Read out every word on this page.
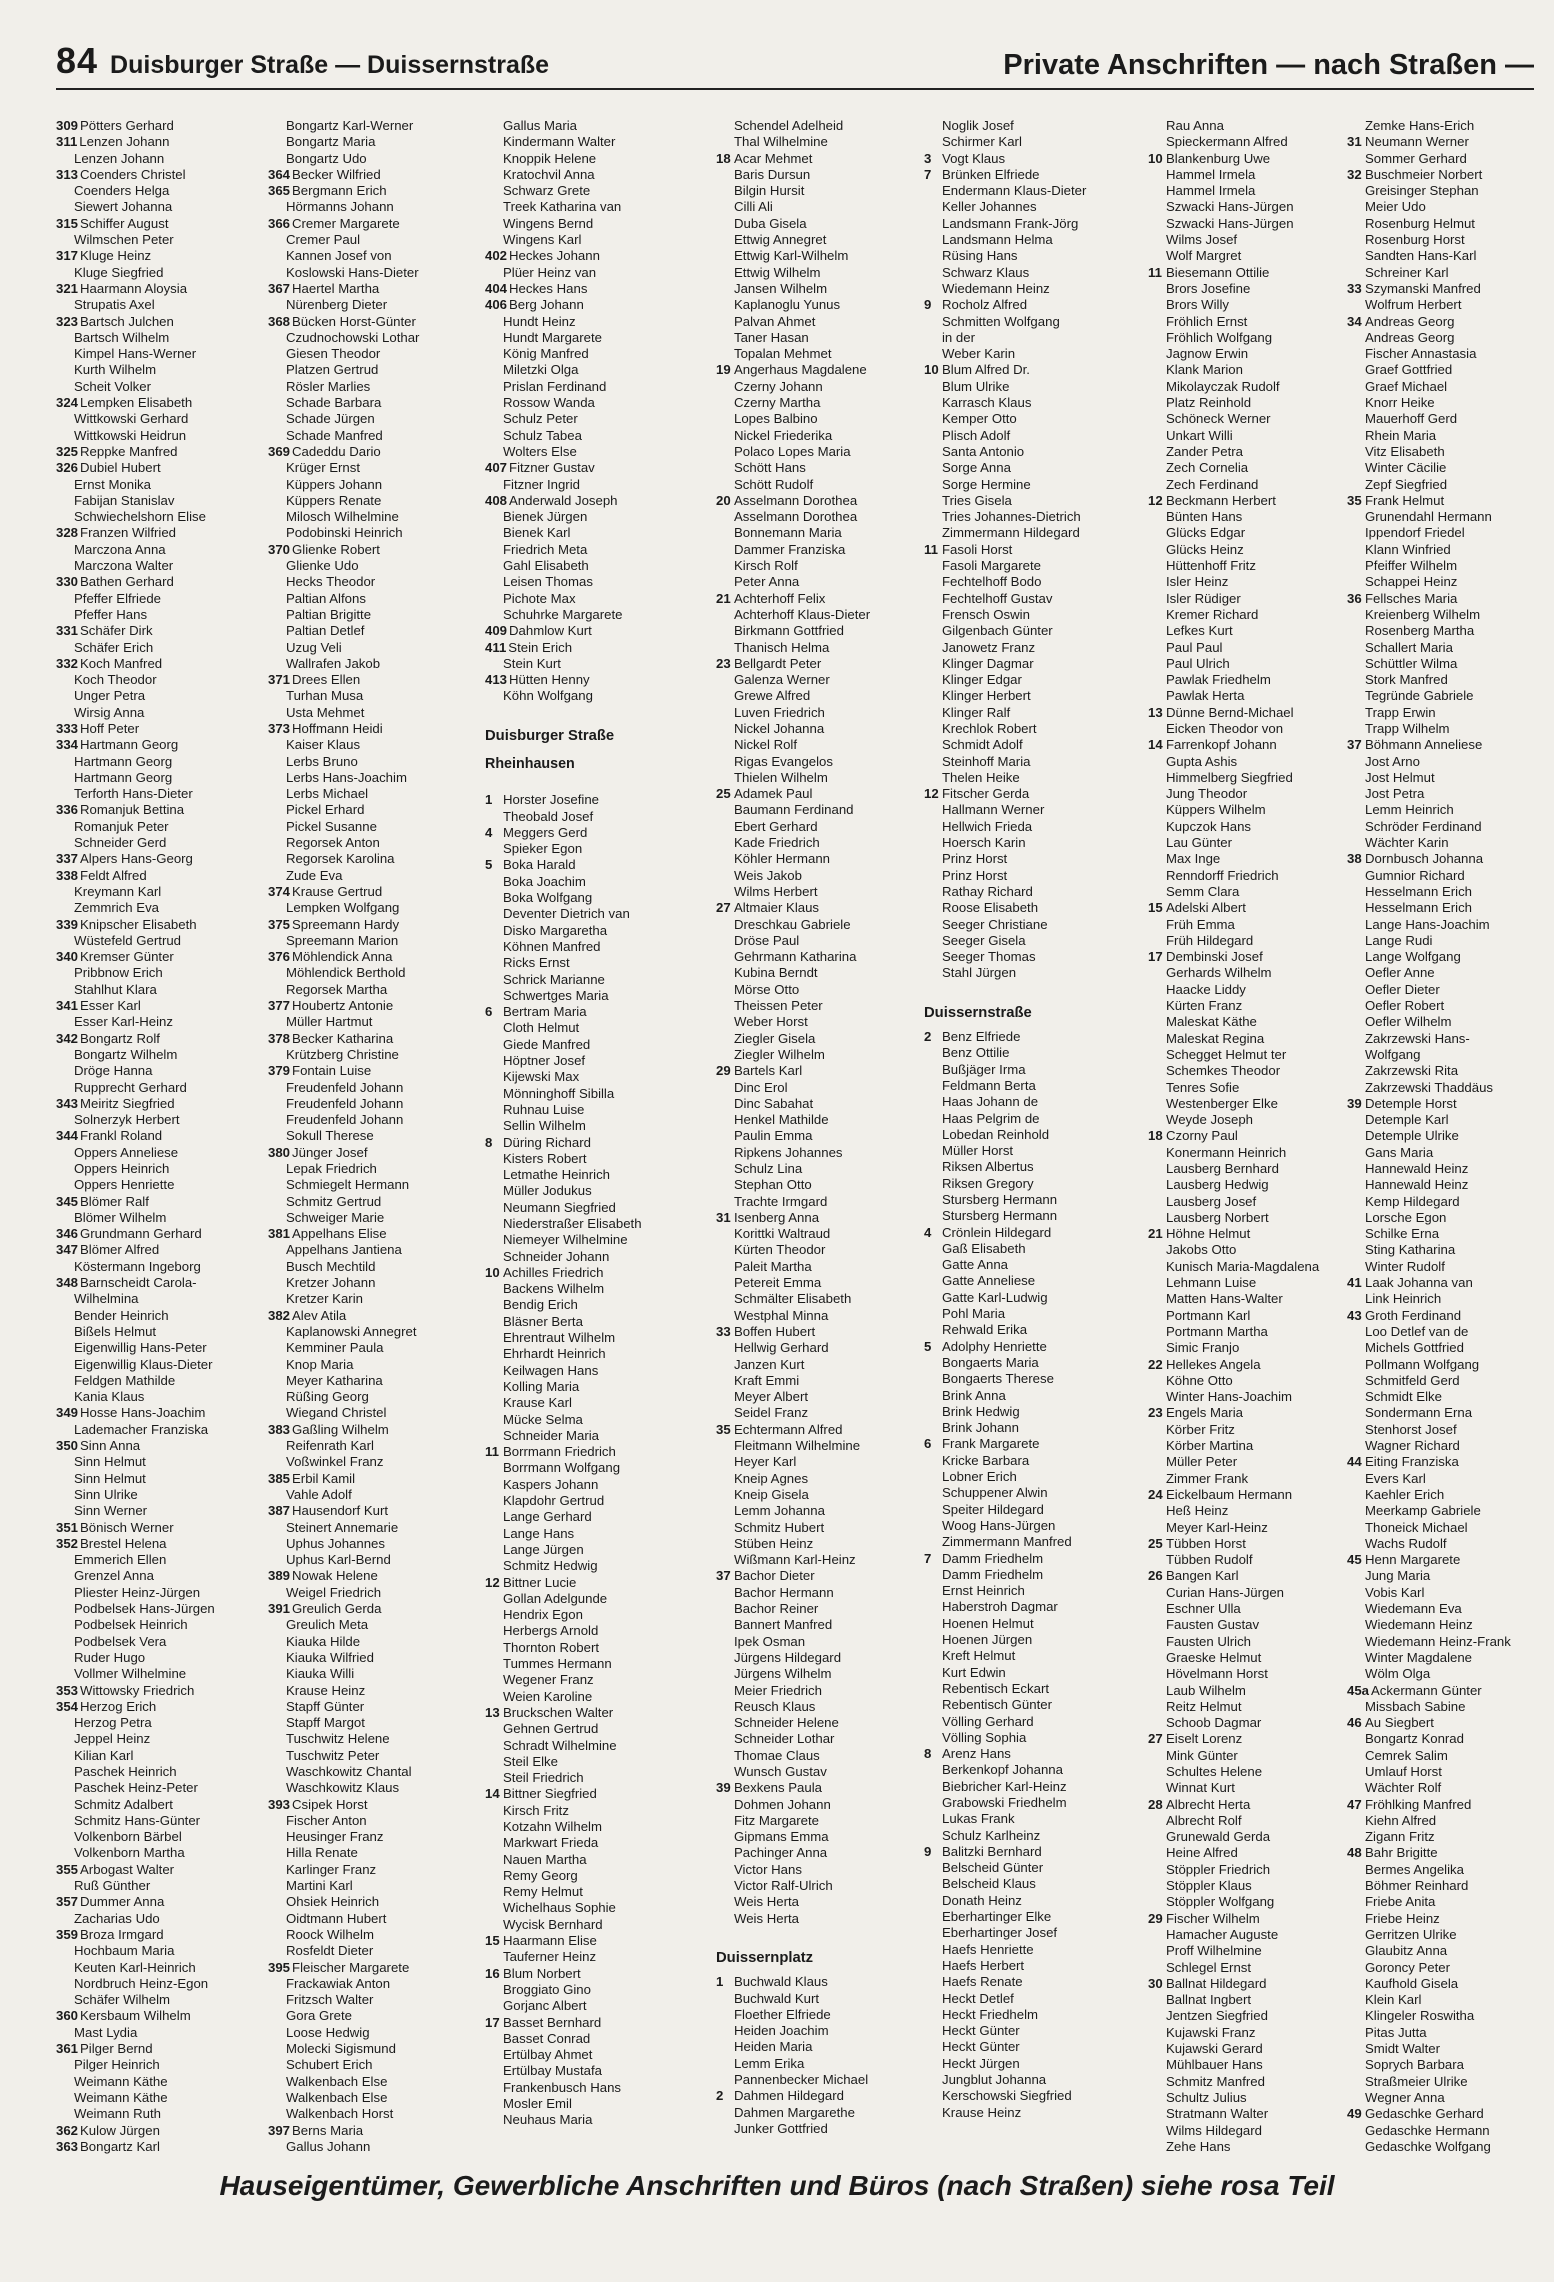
84 Duisburger Straße — Duissernstraße	Private Anschriften — nach Straßen —
309 Pötters Gerhard
311 Lenzen Johann
Lenzen Johann
313 Coenders Christel
Coenders Helga
Siewert Johanna
315 Schiffer August
Wilmschen Peter
317 Kluge Heinz
Kluge Siegfried
321 Haarmann Aloysia
Strupatis Axel
323 Bartsch Julchen
Bartsch Wilhelm
Kimpel Hans-Werner
Kurth Wilhelm
Scheit Volker
324 Lempken Elisabeth
Wittkowski Gerhard
Wittkowski Heidrun
325 Reppke Manfred
326 Dubiel Hubert
Ernst Monika
Fabijan Stanislav
Schwiechelshorn Elise
328 Franzen Wilfried
Marczona Anna
Marczona Walter
330 Bathen Gerhard
Pfeffer Elfriede
Pfeffer Hans
331 Schäfer Dirk
Schäfer Erich
332 Koch Manfred
Koch Theodor
Unger Petra
Wirsig Anna
333 Hoff Peter
334 Hartmann Georg
Hartmann Georg
Hartmann Georg
Terforth Hans-Dieter
336 Romanjuk Bettina
Romanjuk Peter
Schneider Gerd
337 Alpers Hans-Georg
338 Feldt Alfred
Kreymann Karl
Zemmrich Eva
339 Knipscher Elisabeth
Wüstefeld Gertrud
340 Kremser Günter
Pribbnow Erich
Stahlhut Klara
341 Esser Karl
Esser Karl-Heinz
342 Bongartz Rolf
Bongartz Wilhelm
Dröge Hanna
Rupprecht Gerhard
343 Meiritz Siegfried
Solnerzyk Herbert
344 Frankl Roland
Oppers Anneliese
Oppers Heinrich
Oppers Henriette
345 Blömer Ralf
Blömer Wilhelm
346 Grundmann Gerhard
347 Blömer Alfred
Köstermann Ingeborg
348 Barnscheidt Carola-
Wilhelmina
Bender Heinrich
Bißels Helmut
Eigenwillig Hans-Peter
Eigenwillig Klaus-Dieter
Feldgen Mathilde
Kania Klaus
349 Hosse Hans-Joachim
Lademacher Franziska
350 Sinn Anna
Sinn Helmut
Sinn Helmut
Sinn Ulrike
Sinn Werner
351 Bönisch Werner
352 Brestel Helena
Emmerich Ellen
Grenzel Anna
Pliester Heinz-Jürgen
Podbelsek Hans-Jürgen
Podbelsek Heinrich
Podbelsek Vera
Ruder Hugo
Vollmer Wilhelmine
353 Wittowsky Friedrich
354 Herzog Erich
Herzog Petra
Jeppel Heinz
Kilian Karl
Paschek Heinrich
Paschek Heinz-Peter
Schmitz Adalbert
Schmitz Hans-Günter
Volkenborn Bärbel
Volkenborn Martha
355 Arbogast Walter
Ruß Günther
357 Dummer Anna
Zacharias Udo
359 Broza Irmgard
Hochbaum Maria
Keuten Karl-Heinrich
Nordbruch Heinz-Egon
Schäfer Wilhelm
360 Kersbaum Wilhelm
Mast Lydia
361 Pilger Bernd
Pilger Heinrich
Weimann Käthe
Weimann Käthe
Weimann Ruth
362 Kulow Jürgen
363 Bongartz Karl
Bongartz Karl-Werner
Bongartz Maria
Bongartz Udo
364 Becker Wilfried
365 Bergmann Erich
Hörmanns Johann
366 Cremer Margarete
Cremer Paul
Kannen Josef von
Koslowski Hans-Dieter
367 Haertel Martha
Nürenberg Dieter
368 Bücken Horst-Günter
Czudnochowski Lothar
Giesen Theodor
Platzen Gertrud
Rösler Marlies
Schade Barbara
Schade Jürgen
Schade Manfred
369 Cadeddu Dario
Krüger Ernst
Küppers Johann
Küppers Renate
Milosch Wilhelmine
Podobinski Heinrich
370 Glienke Robert
Glienke Udo
Hecks Theodor
Paltian Alfons
Paltian Brigitte
Paltian Detlef
Uzug Veli
Wallrafen Jakob
371 Drees Ellen
Turhan Musa
Usta Mehmet
373 Hoffmann Heidi
Kaiser Klaus
Lerbs Bruno
Lerbs Hans-Joachim
Lerbs Michael
Pickel Erhard
Pickel Susanne
Regorsek Anton
Regorsek Karolina
Zude Eva
374 Krause Gertrud
Lempken Wolfgang
375 Spreemann Hardy
Spreemann Marion
376 Möhlendick Anna
Möhlendick Berthold
Regorsek Martha
377 Houbertz Antonie
Müller Hartmut
378 Becker Katharina
Krützberg Christine
379 Fontain Luise
Freudenfeld Johann
Freudenfeld Johann
Freudenfeld Johann
Sokull Therese
380 Jünger Josef
Lepak Friedrich
Schmiegelt Hermann
Schmitz Gertrud
Schweiger Marie
381 Appelhans Elise
Appelhans Jantiena
Busch Mechtild
Kretzer Johann
Kretzer Karin
382 Alev Atila
Kaplanowski Annegret
Kemminer Paula
Knop Maria
Meyer Katharina
Rüßing Georg
Wiegand Christel
383 Gaßling Wilhelm
Reifenrath Karl
Voßwinkel Franz
385 Erbil Kamil
Vahle Adolf
387 Hausendorf Kurt
Steinert Annemarie
Uphus Johannes
Uphus Karl-Bernd
389 Nowak Helene
Weigel Friedrich
391 Greulich Gerda
Greulich Meta
Kiauka Hilde
Kiauka Wilfried
Kiauka Willi
Krause Heinz
Stapff Günter
Stapff Margot
Tuschwitz Helene
Tuschwitz Peter
Waschkowitz Chantal
Waschkowitz Klaus
393 Csipek Horst
Fischer Anton
Heusinger Franz
Hilla Renate
Karlinger Franz
Martini Karl
Ohsiek Heinrich
Oidtmann Hubert
Roock Wilhelm
Rosfeldt Dieter
395 Fleischer Margarete
Frackawiak Anton
Fritzsch Walter
Gora Grete
Loose Hedwig
Molecki Sigismund
Schubert Erich
Walkenbach Else
Walkenbach Else
Walkenbach Horst
397 Berns Maria
Gallus Johann
Gallus Maria
Kindermann Walter
Knoppik Helene
Kratochvil Anna
Schwarz Grete
Treek Katharina van
Wingens Bernd
Wingens Karl
402 Heckes Johann
Plüer Heinz van
404 Heckes Hans
406 Berg Johann
Hundt Heinz
Hundt Margarete
König Manfred
Miletzki Olga
Prislan Ferdinand
Rossow Wanda
Schulz Peter
Schulz Tabea
Wolters Else
407 Fitzner Gustav
Fitzner Ingrid
408 Anderwald Joseph
Bienek Jürgen
Bienek Karl
Friedrich Meta
Gahl Elisabeth
Leisen Thomas
Pichote Max
Schuhrke Margarete
409 Dahmlow Kurt
411 Stein Erich
Stein Kurt
413 Hütten Henny
Köhn Wolfgang
Duisburger Straße
Rheinhausen
1 Horster Josefine
Theobald Josef
4 Meggers Gerd
Spieker Egon
5 Boka Harald
Boka Joachim
Boka Wolfgang
Deventer Dietrich van
Disko Margaretha
Köhnen Manfred
Ricks Ernst
Schrick Marianne
Schwertges Maria
6 Bertram Maria
Cloth Helmut
Giede Manfred
Höptner Josef
Kijewski Max
Mönninghoff Sibilla
Ruhnau Luise
Sellin Wilhelm
8 Düring Richard
Kisters Robert
Letmathe Heinrich
Müller Jodukus
Neumann Siegfried
Niederstraßer Elisabeth
Niemeyer Wilhelmine
Schneider Johann
10 Achilles Friedrich
Backens Wilhelm
Bendig Erich
Bläsner Berta
Ehrentraut Wilhelm
Ehrhardt Heinrich
Keilwagen Hans
Kolling Maria
Krause Karl
Mücke Selma
Schneider Maria
11 Borrmann Friedrich
Borrmann Wolfgang
Kaspers Johann
Klapdohr Gertrud
Lange Gerhard
Lange Hans
Lange Jürgen
Schmitz Hedwig
12 Bittner Lucie
Gollan Adelgunde
Hendrix Egon
Herbergs Arnold
Thornton Robert
Tummes Hermann
Wegener Franz
Weien Karoline
13 Bruckschen Walter
Gehnen Gertrud
Schradt Wilhelmine
Steil Elke
Steil Friedrich
14 Bittner Siegfried
Kirsch Fritz
Kotzahn Wilhelm
Markwart Frieda
Nauen Martha
Remy Georg
Remy Helmut
Wichelhaus Sophie
Wycisk Bernhard
15 Haarmann Elise
Tauferner Heinz
16 Blum Norbert
Broggiato Gino
Gorjanc Albert
17 Basset Bernhard
Basset Conrad
Ertülbay Ahmet
Ertülbay Mustafa
Frankenbusch Hans
Mosler Emil
Neuhaus Maria
Schendel Adelheid
Thal Wilhelmine
18 Acar Mehmet
Baris Dursun
Bilgin Hursit
Cilli Ali
Duba Gisela
Ettwig Annegret
Ettwig Karl-Wilhelm
Ettwig Wilhelm
Jansen Wilhelm
Kaplanoglu Yunus
Palvan Ahmet
Taner Hasan
Topalan Mehmet
19 Angerhaus Magdalene
Czerny Johann
Czerny Martha
Lopes Balbino
Nickel Friederika
Polaco Lopes Maria
Schött Hans
Schött Rudolf
20 Asselmann Dorothea
Asselmann Dorothea
Bonnemann Maria
Dammer Franziska
Kirsch Rolf
Peter Anna
21 Achterhoff Felix
Achterhoff Klaus-Dieter
Birkmann Gottfried
Thanisch Helma
23 Bellgardt Peter
Galenza Werner
Grewe Alfred
Luven Friedrich
Nickel Johanna
Nickel Rolf
Rigas Evangelos
Thielen Wilhelm
25 Adamek Paul
Baumann Ferdinand
Ebert Gerhard
Kade Friedrich
Köhler Hermann
Weis Jakob
Wilms Herbert
27 Altmaier Klaus
Dreschkau Gabriele
Dröse Paul
Gehrmann Katharina
Kubina Berndt
Mörse Otto
Theissen Peter
Weber Horst
Ziegler Gisela
Ziegler Wilhelm
29 Bartels Karl
Dinc Erol
Dinc Sabahat
Henkel Mathilde
Paulin Emma
Ripkens Johannes
Schulz Lina
Stephan Otto
Trachte Irmgard
31 Isenberg Anna
Korittki Waltraud
Kürten Theodor
Paleit Martha
Petereit Emma
Schmälter Elisabeth
Westphal Minna
33 Boffen Hubert
Hellwig Gerhard
Janzen Kurt
Kraft Emmi
Meyer Albert
Seidel Franz
35 Echtermann Alfred
Fleitmann Wilhelmine
Heyer Karl
Kneip Agnes
Kneip Gisela
Lemm Johanna
Schmitz Hubert
Stüben Heinz
Wißmann Karl-Heinz
37 Bachor Dieter
Bachor Hermann
Bachor Reiner
Bannert Manfred
Ipek Osman
Jürgens Hildegard
Jürgens Wilhelm
Meier Friedrich
Reusch Klaus
Schneider Helene
Schneider Lothar
Thomae Claus
Wunsch Gustav
39 Bexkens Paula
Dohmen Johann
Fitz Margarete
Gipmans Emma
Pachinger Anna
Victor Hans
Victor Ralf-Ulrich
Weis Herta
Weis Herta
Duissernplatz
1 Buchwald Klaus
Buchwald Kurt
Floether Elfriede
Heiden Joachim
Heiden Maria
Lemm Erika
Pannenbecker Michael
2 Dahmen Hildegard
Dahmen Margarethe
Junker Gottfried
Noglik Josef
Schirmer Karl
3 Vogt Klaus
7 Brünken Elfriede
Endermann Klaus-Dieter
Keller Johannes
Landsmann Frank-Jörg
Landsmann Helma
Rüsing Hans
Schwarz Klaus
Wiedemann Heinz
9 Rocholz Alfred
Schmitten Wolfgang
in der
Weber Karin
10 Blum Alfred Dr.
Blum Ulrike
Karrasch Klaus
Kemper Otto
Plisch Adolf
Santa Antonio
Sorge Anna
Sorge Hermine
Tries Gisela
Tries Johannes-Dietrich
Zimmermann Hildegard
11 Fasoli Horst
Fasoli Margarete
Fechtelhoff Bodo
Fechtelhoff Gustav
Frensch Oswin
Gilgenbach Günter
Janowetz Franz
Klinger Dagmar
Klinger Edgar
Klinger Herbert
Klinger Ralf
Krechlok Robert
Schmidt Adolf
Steinhoff Maria
Thelen Heike
12 Fitscher Gerda
Hallmann Werner
Hellwich Frieda
Hoersch Karin
Prinz Horst
Prinz Horst
Rathay Richard
Roose Elisabeth
Seeger Christiane
Seeger Gisela
Seeger Thomas
Stahl Jürgen
Duissernstraße
2 Benz Elfriede
Benz Ottilie
Bußjäger Irma
Feldmann Berta
Haas Johann de
Haas Pelgrim de
Lobedan Reinhold
Müller Horst
Riksen Albertus
Riksen Gregory
Stursberg Hermann
Stursberg Hermann
4 Crönlein Hildegard
Gaß Elisabeth
Gatte Anna
Gatte Anneliese
Gatte Karl-Ludwig
Pohl Maria
Rehwald Erika
5 Adolphy Henriette
Bongaerts Maria
Bongaerts Therese
Brink Anna
Brink Hedwig
Brink Johann
6 Frank Margarete
Kricke Barbara
Lobner Erich
Schuppener Alwin
Speiter Hildegard
Woog Hans-Jürgen
Zimmermann Manfred
7 Damm Friedhelm
Damm Friedhelm
Ernst Heinrich
Haberstroh Dagmar
Hoenen Helmut
Hoenen Jürgen
Kreft Helmut
Kurt Edwin
Rebentisch Eckart
Rebentisch Günter
Völling Gerhard
Völling Sophia
8 Arenz Hans
Berkenkopf Johanna
Biebricher Karl-Heinz
Grabowski Friedhelm
Lukas Frank
Schulz Karlheinz
9 Balitzki Bernhard
Belscheid Günter
Belscheid Klaus
Donath Heinz
Eberhartinger Elke
Eberhartinger Josef
Haefs Henriette
Haefs Herbert
Haefs Renate
Heckt Detlef
Heckt Friedhelm
Heckt Günter
Heckt Günter
Heckt Jürgen
Jungblut Johanna
Kerschowski Siegfried
Krause Heinz
Rau Anna
Spieckermann Alfred
10 Blankenburg Uwe
Hammel Irmela
Hammel Irmela
Szwacki Hans-Jürgen
Szwacki Hans-Jürgen
Wilms Josef
Wolf Margret
11 Biesemann Ottilie
Brors Josefine
Brors Willy
Fröhlich Ernst
Fröhlich Wolfgang
Jagnow Erwin
Klank Marion
Mikolayczak Rudolf
Platz Reinhold
Schöneck Werner
Unkart Willi
Zander Petra
Zech Cornelia
Zech Ferdinand
12 Beckmann Herbert
Bünten Hans
Glücks Edgar
Glücks Heinz
Hüttenhoff Fritz
Isler Heinz
Isler Rüdiger
Kremer Richard
Lefkes Kurt
Paul Paul
Paul Ulrich
Pawlak Friedhelm
Pawlak Herta
13 Dünne Bernd-Michael
Eicken Theodor von
14 Farrenkopf Johann
Gupta Ashis
Himmelberg Siegfried
Jung Theodor
Küppers Wilhelm
Kupczok Hans
Lau Günter
Max Inge
Renndorff Friedrich
Semm Clara
15 Adelski Albert
Früh Emma
Früh Hildegard
17 Dembinski Josef
Gerhards Wilhelm
Haacke Liddy
Kürten Franz
Maleskat Käthe
Maleskat Regina
Schegget Helmut ter
Schemkes Theodor
Tenres Sofie
Westenberger Elke
Weyde Joseph
18 Czorny Paul
Konermann Heinrich
Lausberg Bernhard
Lausberg Hedwig
Lausberg Josef
Lausberg Norbert
21 Höhne Helmut
Jakobs Otto
Kunisch Maria-Magdalena
Lehmann Luise
Matten Hans-Walter
Portmann Karl
Portmann Martha
Simic Franjo
22 Hellekes Angela
Köhne Otto
Winter Hans-Joachim
23 Engels Maria
Körber Fritz
Körber Martina
Müller Peter
Zimmer Frank
24 Eickelbaum Hermann
Heß Heinz
Meyer Karl-Heinz
25 Tübben Horst
Tübben Rudolf
26 Bangen Karl
Curian Hans-Jürgen
Eschner Ulla
Fausten Gustav
Fausten Ulrich
Graeske Helmut
Hövelmann Horst
Laub Wilhelm
Reitz Helmut
Schoob Dagmar
27 Eiselt Lorenz
Mink Günter
Schultes Helene
Winnat Kurt
28 Albrecht Herta
Albrecht Rolf
Grunewald Gerda
Heine Alfred
Stöppler Friedrich
Stöppler Klaus
Stöppler Wolfgang
29 Fischer Wilhelm
Hamacher Auguste
Proff Wilhelmine
Schlegel Ernst
30 Ballnat Hildegard
Ballnat Ingbert
Jentzen Siegfried
Kujawski Franz
Kujawski Gerard
Mühlbauer Hans
Schmitz Manfred
Schultz Julius
Stratmann Walter
Wilms Hildegard
Zehe Hans
Zemke Hans-Erich
31 Neumann Werner
Sommer Gerhard
32 Buschmeier Norbert
Greisinger Stephan
Meier Udo
Rosenburg Helmut
Rosenburg Horst
Sandten Hans-Karl
Schreiner Karl
33 Szymanski Manfred
Wolfrum Herbert
34 Andreas Georg
Andreas Georg
Fischer Annastasia
Graef Gottfried
Graef Michael
Knorr Heike
Mauerhoff Gerd
Rhein Maria
Vitz Elisabeth
Winter Cäcilie
Zepf Siegfried
35 Frank Helmut
Grunendahl Hermann
Ippendorf Friedel
Klann Winfried
Pfeiffer Wilhelm
Schappei Heinz
36 Fellsches Maria
Kreienberg Wilhelm
Rosenberg Martha
Schallert Maria
Schüttler Wilma
Stork Manfred
Tegründe Gabriele
Trapp Erwin
Trapp Wilhelm
37 Böhmann Anneliese
Jost Arno
Jost Helmut
Jost Petra
Lemm Heinrich
Schröder Ferdinand
Wächter Karin
38 Dornbusch Johanna
Gumnior Richard
Hesselmann Erich
Hesselmann Erich
Lange Hans-Joachim
Lange Rudi
Lange Wolfgang
Oefler Anne
Oefler Dieter
Oefler Robert
Oefler Wilhelm
Zakrzewski Hans-
Wolfgang
Zakrzewski Rita
Zakrzewski Thaddäus
39 Detemple Horst
Detemple Karl
Detemple Ulrike
Gans Maria
Hannewald Heinz
Hannewald Heinz
Kemp Hildegard
Lorsche Egon
Schilke Erna
Sting Katharina
Winter Rudolf
41 Laak Johanna van
Link Heinrich
43 Groth Ferdinand
Loo Detlef van de
Michels Gottfried
Pollmann Wolfgang
Schmitfeld Gerd
Schmidt Elke
Sondermann Erna
Stenhorst Josef
Wagner Richard
44 Eiting Franziska
Evers Karl
Kaehler Erich
Meerkamp Gabriele
Thoneick Michael
Wachs Rudolf
45 Henn Margarete
Jung Maria
Vobis Karl
Wiedemann Eva
Wiedemann Heinz
Wiedemann Heinz-Frank
Winter Magdalene
Wölm Olga
45a Ackermann Günter
Missbach Sabine
46 Au Siegbert
Bongartz Konrad
Cemrek Salim
Umlauf Horst
Wächter Rolf
47 Fröhlking Manfred
Kiehn Alfred
Zigann Fritz
48 Bahr Brigitte
Bermes Angelika
Böhmer Reinhard
Friebe Anita
Friebe Heinz
Gerritzen Ulrike
Glaubitz Anna
Goroncy Peter
Kaufhold Gisela
Klein Karl
Klingeler Roswitha
Pitas Jutta
Smidt Walter
Soprych Barbara
Straßmeier Ulrike
Wegner Anna
49 Gedaschke Gerhard
Gedaschke Hermann
Gedaschke Wolfgang
Hauseigentümer, Gewerbliche Anschriften und Büros (nach Straßen) siehe rosa Teil
